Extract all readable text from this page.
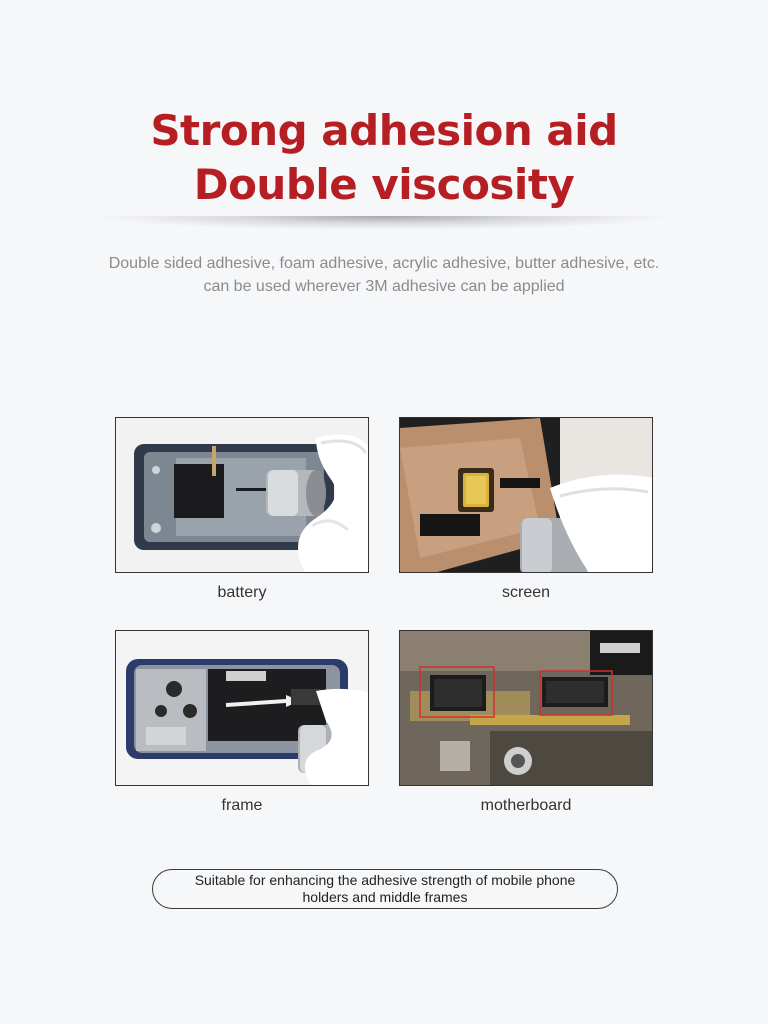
Strong adhesion aid
Double viscosity
Double sided adhesive, foam adhesive, acrylic adhesive, butter adhesive, etc.
can be used wherever 3M adhesive can be applied
battery	screen
frame	motherboard
Suitable for enhancing the adhesive strength of mobile phone
holders and middle frames
